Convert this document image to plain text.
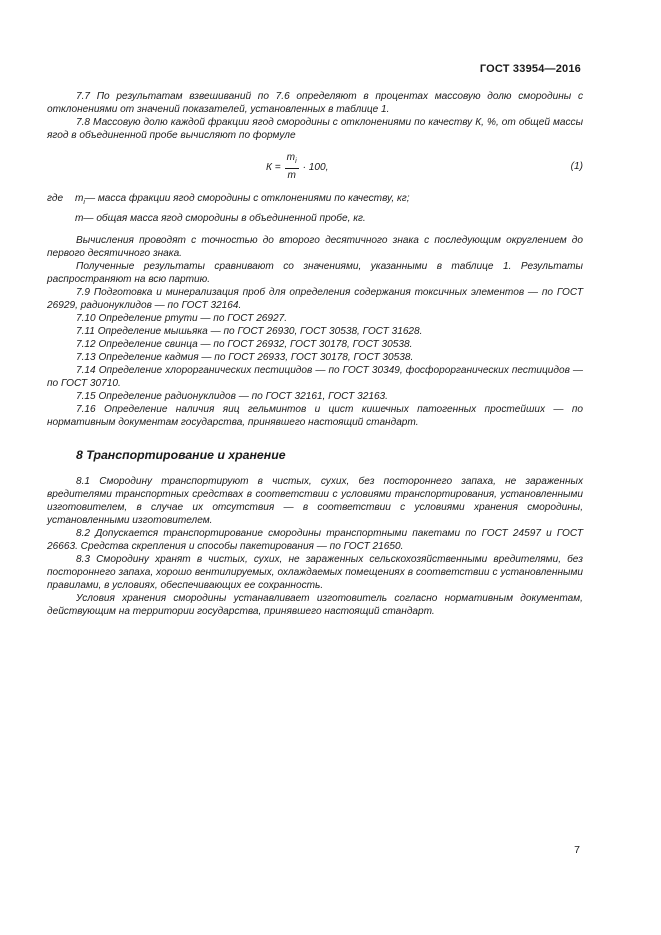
ГОСТ 33954—2016

7.7 По результатам взвешиваний по 7.6 определяют в процентах массовую долю смородины с отклонениями от значений показателей, установленных в таблице 1.

7.8 Массовую долю каждой фракции ягод смородины с отклонениями по качеству К, %, от общей массы ягод в объединенной пробе вычисляют по формуле

$К = \frac{m_i}{m} \cdot 100$,	(1)
где	$m_i$ — масса фракции ягод смородины с отклонениями по качеству, кг;
m — общая масса ягод смородины в объединенной пробе, кг.

Вычисления проводят с точностью до второго десятичного знака с последующим округлением до первого десятичного знака.

Полученные результаты сравнивают со значениями, указанными в таблице 1. Результаты распространяют на всю партию.

7.9 Подготовка и минерализация проб для определения содержания токсичных элементов — по ГОСТ 26929, радионуклидов — по ГОСТ 32164.

7.10 Определение ртути — по ГОСТ 26927.

7.11 Определение мышьяка — по ГОСТ 26930, ГОСТ 30538, ГОСТ 31628.

7.12 Определение свинца — по ГОСТ 26932, ГОСТ 30178, ГОСТ 30538.

7.13 Определение кадмия — по ГОСТ 26933, ГОСТ 30178, ГОСТ 30538.

7.14 Определение хлорорганических пестицидов — по ГОСТ 30349, фосфорорганических пестицидов — по ГОСТ 30710.

7.15 Определение радионуклидов — по ГОСТ 32161, ГОСТ 32163.

7.16 Определение наличия яиц гельминтов и цист кишечных патогенных простейших — по нормативным документам государства, принявшего настоящий стандарт.

8 Транспортирование и хранение

8.1 Смородину транспортируют в чистых, сухих, без постороннего запаха, не зараженных вредителями транспортных средствах в соответствии с условиями транспортирования, установленными изготовителем, в случае их отсутствия — в соответствии с условиями хранения смородины, установленными изготовителем.

8.2 Допускается транспортирование смородины транспортными пакетами по ГОСТ 24597 и ГОСТ 26663. Средства скрепления и способы пакетирования — по ГОСТ 21650.

8.3 Смородину хранят в чистых, сухих, не зараженных сельскохозяйственными вредителями, без постороннего запаха, хорошо вентилируемых, охлаждаемых помещениях в соответствии с установленными правилами, в условиях, обеспечивающих ее сохранность.

Условия хранения смородины устанавливает изготовитель согласно нормативным документам, действующим на территории государства, принявшего настоящий стандарт.

7
